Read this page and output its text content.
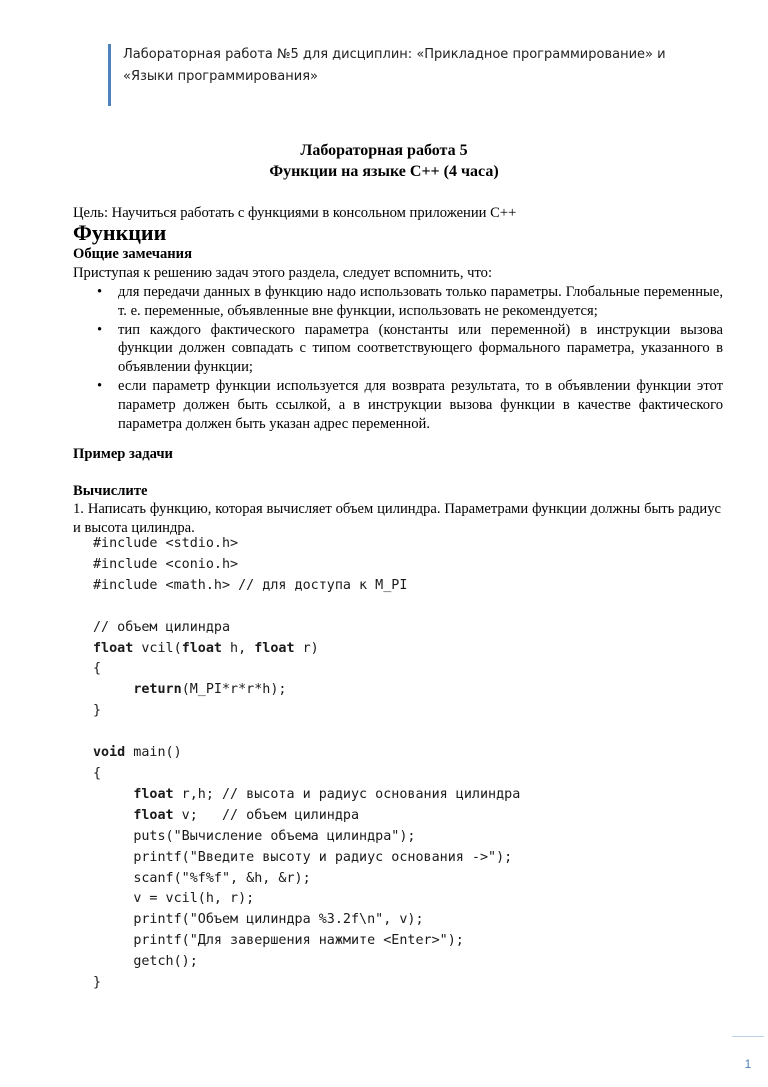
Лабораторная работа №5 для дисциплин: «Прикладное программирование» и
«Языки программирования»
Лабораторная работа 5
Функции на языке С++ (4 часа)
Цель: Научиться работать с функциями в консольном приложении С++
Функции
Общие замечания
Приступая к решению задач этого раздела, следует вспомнить, что:
• для передачи данных в функцию надо использовать только параметры. Глобальные переменные, т. е. переменные, объявленные вне функции, использовать не рекомендуется;
• тип каждого фактического параметра (константы или переменной) в инструкции вызова функции должен совпадать с типом соответствующего формального параметра, указанного в объявлении функции;
• если параметр функции используется для возврата результата, то в объявлении функции этот параметр должен быть ссылкой, а в инструкции вызова функции в качестве фактического параметра должен быть указан адрес переменной.
Пример задачи
Вычислите
1. Написать функцию, которая вычисляет объем цилиндра. Параметрами функции должны быть радиус и высота цилиндра.
#include <stdio.h>
#include <conio.h>
#include <math.h> // для доступа к M_PI

// объем цилиндра
float vcil(float h, float r)
{
return(M_PI*r*r*h);
}

void main()
{
float r,h; // высота и радиус основания цилиндра
float v;   // объем цилиндра
puts("Вычисление объема цилиндра");
printf("Введите высоту и радиус основания ->");
scanf("%f%f", &h, &r);
v = vcil(h, r);
printf("Объем цилиндра %3.2f\n", v);
printf("Для завершения нажмите <Enter>");
getch();
}
1
